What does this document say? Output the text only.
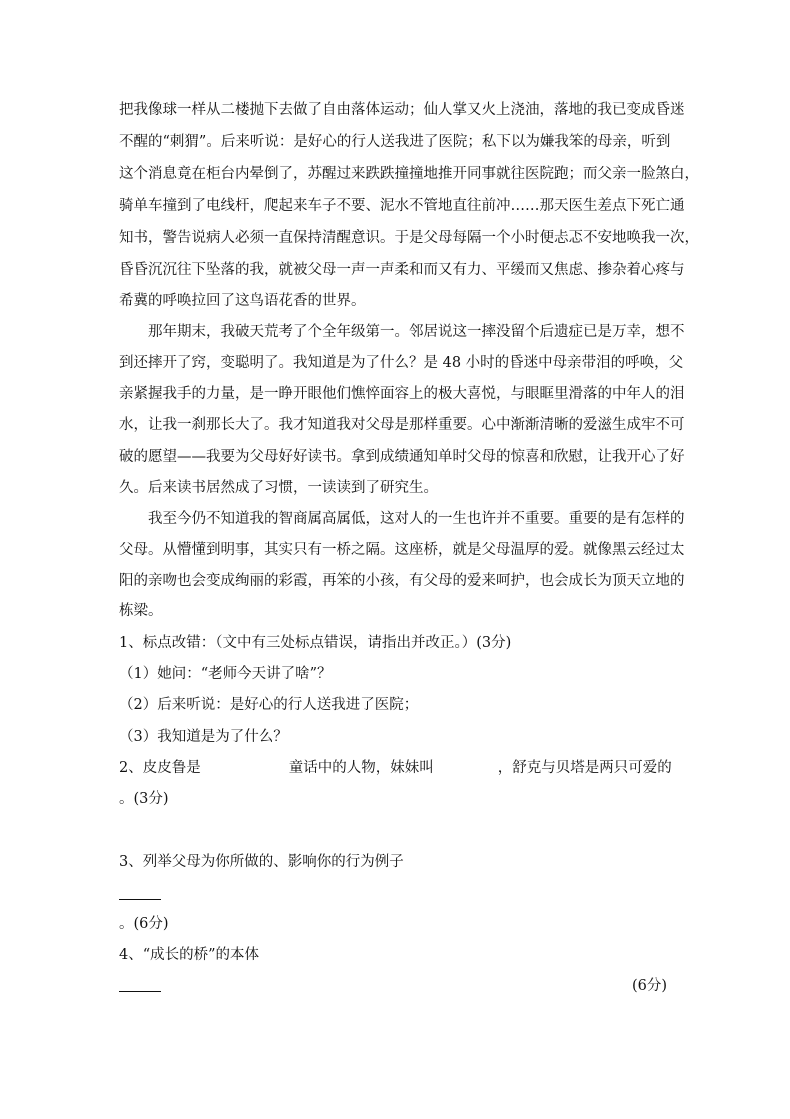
把我像球一样从二楼抛下去做了自由落体运动；仙人掌又火上浇油，落地的我已变成昏迷
不醒的“刺猬”。后来听说：是好心的行人送我进了医院；私下以为嫌我笨的母亲，听到
这个消息竟在柜台内晕倒了，苏醒过来跌跌撞撞地推开同事就往医院跑；而父亲一脸煞白，
骑单车撞到了电线杆，爬起来车子不要、泥水不管地直往前冲……那天医生差点下死亡通
知书，警告说病人必须一直保持清醒意识。于是父母每隔一个小时便忐忑不安地唤我一次，
昏昏沉沉往下坠落的我，就被父母一声一声柔和而又有力、平缓而又焦虑、掺杂着心疼与
希冀的呼唤拉回了这鸟语花香的世界。
那年期末，我破天荒考了个全年级第一。邻居说这一摔没留个后遗症已是万幸，想不
到还摔开了窍，变聪明了。我知道是为了什么？是 48 小时的昏迷中母亲带泪的呼唤，父
亲紧握我手的力量，是一睁开眼他们憔悴面容上的极大喜悦，与眼眶里滑落的中年人的泪
水，让我一刹那长大了。我才知道我对父母是那样重要。心中渐渐清晰的爱滋生成牢不可
破的愿望——我要为父母好好读书。拿到成绩通知单时父母的惊喜和欣慰，让我开心了好
久。后来读书居然成了习惯，一读读到了研究生。
我至今仍不知道我的智商属高属低，这对人的一生也许并不重要。重要的是有怎样的
父母。从懵懂到明事，其实只有一桥之隔。这座桥，就是父母温厚的爱。就像黑云经过太
阳的亲吻也会变成绚丽的彩霞，再笨的小孩，有父母的爱来呵护，也会成长为顶天立地的
栋梁。
1、标点改错：（文中有三处标点错误，请指出并改正。）(3分)
（1）她问：“老师今天讲了啥”？
（2）后来听说：是好心的行人送我进了医院；
（3）我知道是为了什么？
2、皮皮鲁是	童话中的人物，妹妹叫	，舒克与贝塔是两只可爱的
。(3分)
3、列举父母为你所做的、影响你的行为例子
。(6分)
4、“成长的桥”的本体
(6分)
